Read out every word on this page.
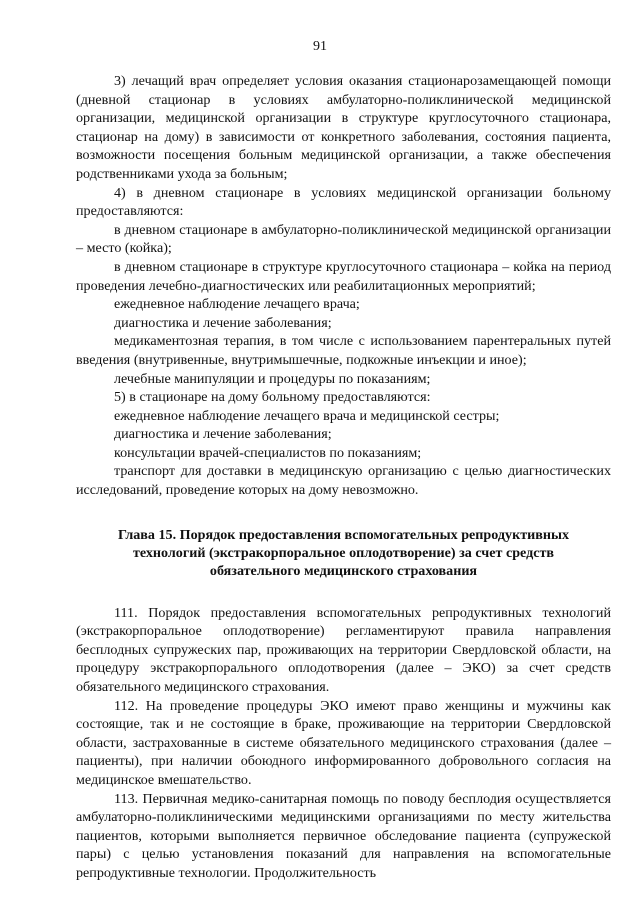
91

3) лечащий врач определяет условия оказания стационарозамещающей помощи (дневной стационар в условиях амбулаторно-поликлинической медицинской организации, медицинской организации в структуре круглосуточного стационара, стационар на дому) в зависимости от конкретного заболевания, состояния пациента, возможности посещения больным медицинской организации, а также обеспечения родственниками ухода за больным;

4) в дневном стационаре в условиях медицинской организации больному предоставляются:

в дневном стационаре в амбулаторно-поликлинической медицинской организации – место (койка);

в дневном стационаре в структуре круглосуточного стационара – койка на период проведения лечебно-диагностических или реабилитационных мероприятий;

ежедневное наблюдение лечащего врача;

диагностика и лечение заболевания;

медикаментозная терапия, в том числе с использованием парентеральных путей введения (внутривенные, внутримышечные, подкожные инъекции и иное);

лечебные манипуляции и процедуры по показаниям;

5) в стационаре на дому больному предоставляются:

ежедневное наблюдение лечащего врача и медицинской сестры;

диагностика и лечение заболевания;

консультации врачей-специалистов по показаниям;

транспорт для доставки в медицинскую организацию с целью диагностических исследований, проведение которых на дому невозможно.

Глава 15. Порядок предоставления вспомогательных репродуктивных технологий (экстракорпоральное оплодотворение) за счет средств обязательного медицинского страхования

111. Порядок предоставления вспомогательных репродуктивных технологий (экстракорпоральное оплодотворение) регламентируют правила направления бесплодных супружеских пар, проживающих на территории Свердловской области, на процедуру экстракорпорального оплодотворения (далее – ЭКО) за счет средств обязательного медицинского страхования.

112. На проведение процедуры ЭКО имеют право женщины и мужчины как состоящие, так и не состоящие в браке, проживающие на территории Свердловской области, застрахованные в системе обязательного медицинского страхования (далее – пациенты), при наличии обоюдного информированного добровольного согласия на медицинское вмешательство.

113. Первичная медико-санитарная помощь по поводу бесплодия осуществляется амбулаторно-поликлиническими медицинскими организациями по месту жительства пациентов, которыми выполняется первичное обследование пациента (супружеской пары) с целью установления показаний для направления на вспомогательные репродуктивные технологии. Продолжительность
